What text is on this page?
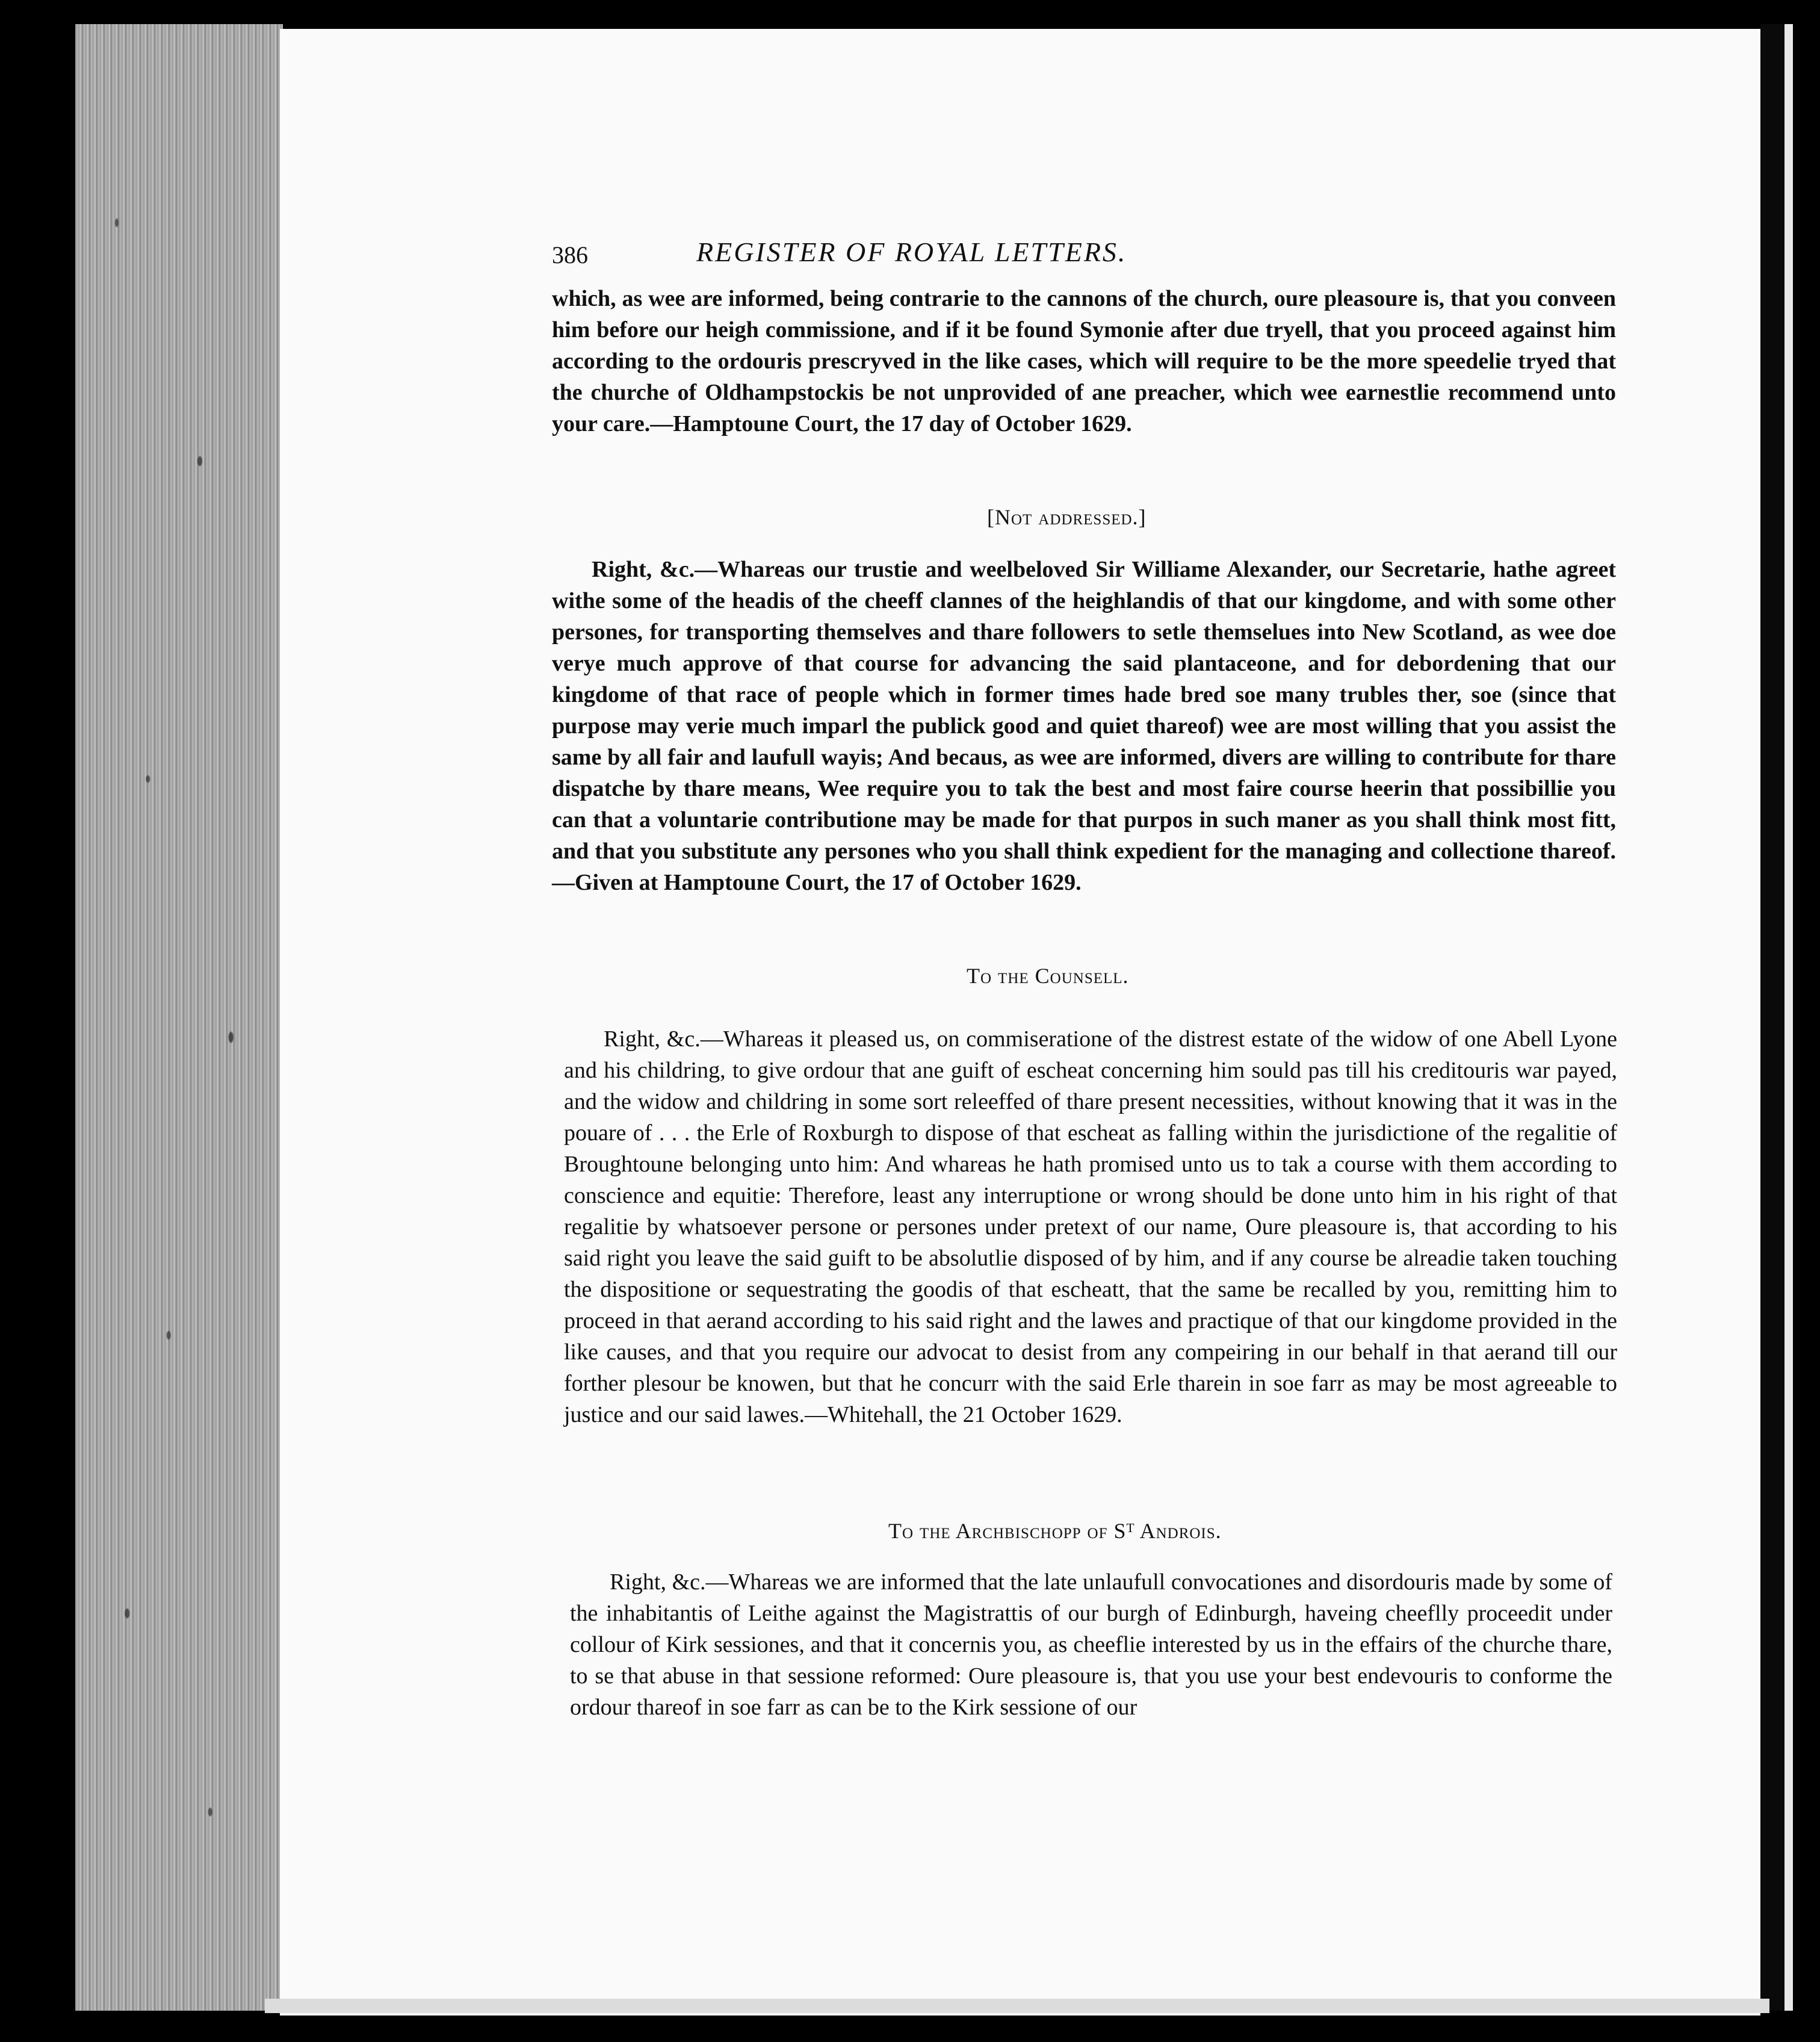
386	REGISTER OF ROYAL LETTERS.

which, as wee are informed, being contrarie to the cannons of the church, oure pleasoure is, that you conveen him before our heigh commissione, and if it be found Symonie after due tryell, that you proceed against him according to the ordouris prescryved in the like cases, which will require to be the more speedelie tryed that the churche of Oldhampstockis be not unprovided of ane preacher, which wee earnestlie recommend unto your care.—Hamptoune Court, the 17 day of October 1629.

[Not addressed.]

Right, &c.—Whareas our trustie and weelbeloved Sir Williame Alexander, our Secretarie, hathe agreet withe some of the headis of the cheeff clannes of the heighlandis of that our kingdome, and with some other persones, for transporting themselves and thare followers to setle themselues into New Scotland, as wee doe verye much approve of that course for advancing the said plantaceone, and for debordening that our kingdome of that race of people which in former times hade bred soe many trubles ther, soe (since that purpose may verie much imparl the publick good and quiet thareof) wee are most willing that you assist the same by all fair and laufull wayis; And becaus, as wee are informed, divers are willing to contribute for thare dispatche by thare means, Wee require you to tak the best and most faire course heerin that possibillie you can that a voluntarie contributione may be made for that purpos in such maner as you shall think most fitt, and that you substitute any persones who you shall think expedient for the managing and collectione thareof.—Given at Hamptoune Court, the 17 of October 1629.

To the Counsell.

Right, &c.—Whareas it pleased us, on commiseratione of the distrest estate of the widow of one Abell Lyone and his childring, to give ordour that ane guift of escheat concerning him sould pas till his creditouris war payed, and the widow and childring in some sort releeffed of thare present necessities, without knowing that it was in the pouare of . . . the Erle of Roxburgh to dispose of that escheat as falling within the jurisdictione of the regalitie of Broughtoune belonging unto him: And whareas he hath promised unto us to tak a course with them according to conscience and equitie: Therefore, least any interruptione or wrong should be done unto him in his right of that regalitie by whatsoever persone or persones under pretext of our name, Oure pleasoure is, that according to his said right you leave the said guift to be absolutlie disposed of by him, and if any course be alreadie taken touching the dispositione or sequestrating the goodis of that escheatt, that the same be recalled by you, remitting him to proceed in that aerand according to his said right and the lawes and practique of that our kingdome provided in the like causes, and that you require our advocat to desist from any compeiring in our behalf in that aerand till our forther plesour be knowen, but that he concurr with the said Erle tharein in soe farr as may be most agreeable to justice and our said lawes.—Whitehall, the 21 October 1629.

To the Archbischopp of Sᵀ Androis.

Right, &c.—Whareas we are informed that the late unlaufull convocationes and disordouris made by some of the inhabitantis of Leithe against the Magistrattis of our burgh of Edinburgh, haveing cheeflly proceedit under collour of Kirk sessiones, and that it concernis you, as cheeflie interested by us in the effairs of the churche thare, to se that abuse in that sessione reformed: Oure pleasoure is, that you use your best endevouris to conforme the ordour thareof in soe farr as can be to the Kirk sessione of our
